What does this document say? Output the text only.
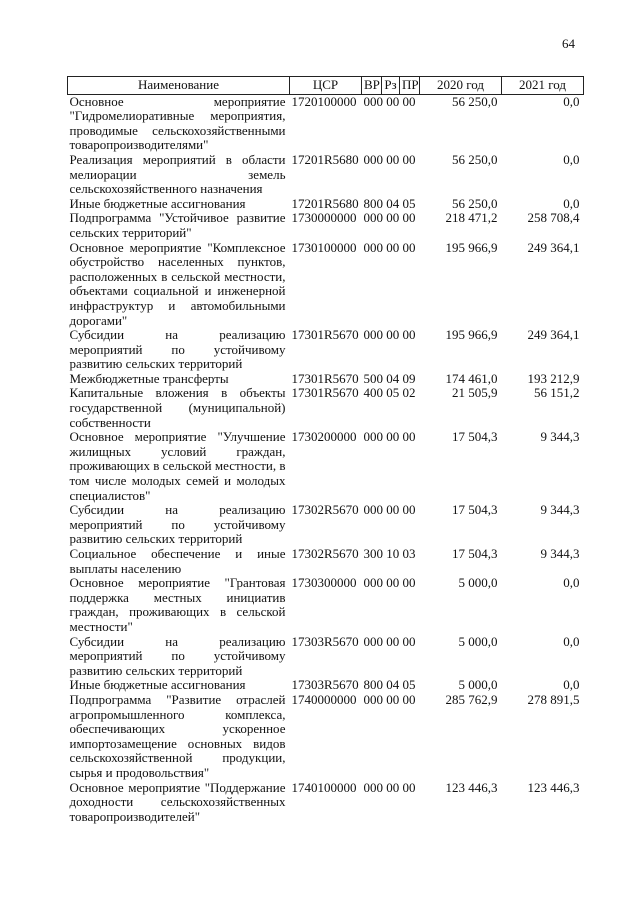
64
Наименование	ЦСР	ВР	Рз	ПР	2020 год	2021 год
Основное мероприятие "Гидромелиоративные мероприятия, проводимые сельскохозяйственными товаропроизводителями"	1720100000	000 00 00			56 250,0	0,0
Реализация мероприятий в области мелиорации земель сельскохозяйственного назначения	17201R5680	000 00 00			56 250,0	0,0
Иные бюджетные ассигнования	17201R5680	800 04 05			56 250,0	0,0
Подпрограмма "Устойчивое развитие сельских территорий"	1730000000	000 00 00			218 471,2	258 708,4
Основное мероприятие "Комплексное обустройство населенных пунктов, расположенных в сельской местности, объектами социальной и инженерной инфраструктур и автомобильными дорогами"	1730100000	000 00 00			195 966,9	249 364,1
Субсидии на реализацию мероприятий по устойчивому развитию сельских территорий	17301R5670	000 00 00			195 966,9	249 364,1
Межбюджетные трансферты	17301R5670	500 04 09			174 461,0	193 212,9
Капитальные вложения в объекты государственной (муниципальной) собственности	17301R5670	400 05 02			21 505,9	56 151,2
Основное мероприятие "Улучшение жилищных условий граждан, проживающих в сельской местности, в том числе молодых семей и молодых специалистов"	1730200000	000 00 00			17 504,3	9 344,3
Субсидии на реализацию мероприятий по устойчивому развитию сельских территорий	17302R5670	000 00 00			17 504,3	9 344,3
Социальное обеспечение и иные выплаты населению	17302R5670	300 10 03			17 504,3	9 344,3
Основное мероприятие "Грантовая поддержка местных инициатив граждан, проживающих в сельской местности"	1730300000	000 00 00			5 000,0	0,0
Субсидии на реализацию мероприятий по устойчивому развитию сельских территорий	17303R5670	000 00 00			5 000,0	0,0
Иные бюджетные ассигнования	17303R5670	800 04 05			5 000,0	0,0
Подпрограмма "Развитие отраслей агропромышленного комплекса, обеспечивающих ускоренное импортозамещение основных видов сельскохозяйственной продукции, сырья и продовольствия"	1740000000	000 00 00			285 762,9	278 891,5
Основное мероприятие "Поддержание доходности сельскохозяйственных товаропроизводителей"	1740100000	000 00 00			123 446,3	123 446,3
